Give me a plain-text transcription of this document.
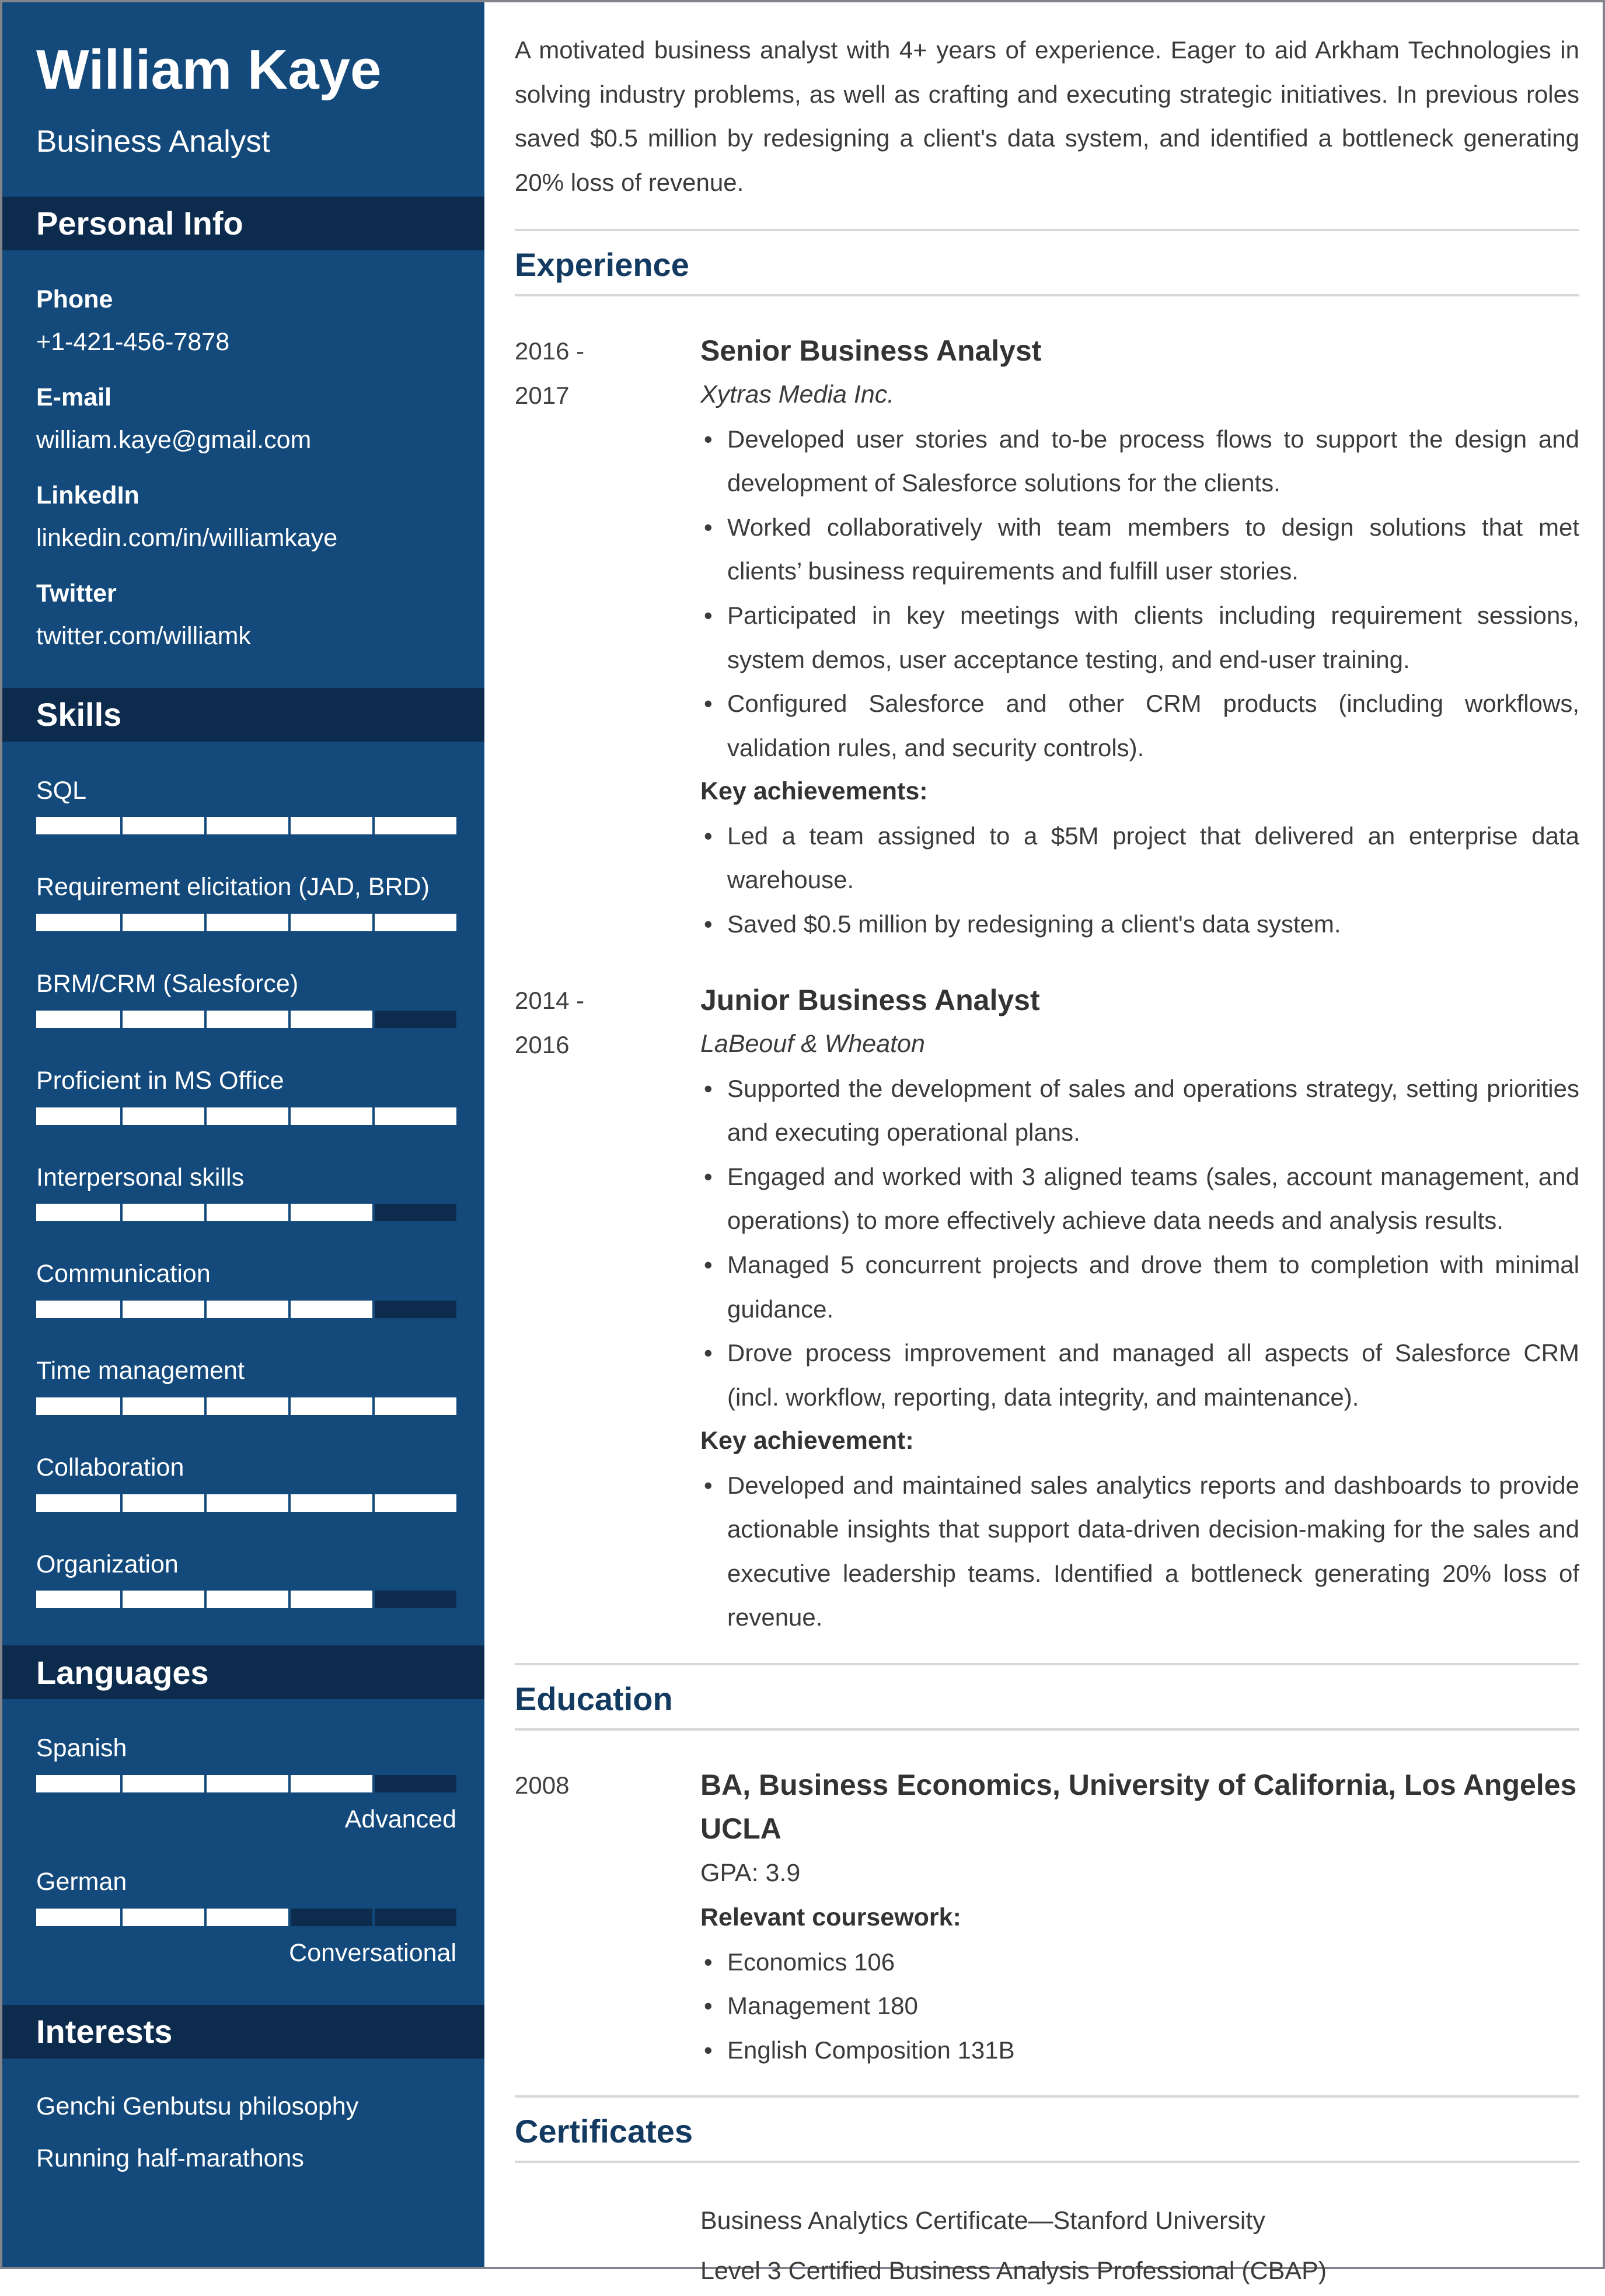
William Kaye
Business Analyst
Personal Info
Phone
+1-421-456-7878
E-mail
william.kaye@gmail.com
LinkedIn
linkedin.com/in/williamkaye
Twitter
twitter.com/williamk
Skills
SQL
Requirement elicitation (JAD, BRD)
BRM/CRM (Salesforce)
Proficient in MS Office
Interpersonal skills
Communication
Time management
Collaboration
Organization
Languages
Spanish
Advanced
German
Conversational
Interests
Genchi Genbutsu philosophy
Running half-marathons

A motivated business analyst with 4+ years of experience. Eager to aid Arkham Technologies in solving industry problems, as well as crafting and executing strategic initiatives. In previous roles saved $0.5 million by redesigning a client's data system, and identified a bottleneck generating 20% loss of revenue.

Experience
2016 -
2017
Senior Business Analyst
Xytras Media Inc.
• Developed user stories and to-be process flows to support the design and development of Salesforce solutions for the clients.
• Worked collaboratively with team members to design solutions that met clients’ business requirements and fulfill user stories.
• Participated in key meetings with clients including requirement sessions, system demos, user acceptance testing, and end-user training.
• Configured Salesforce and other CRM products (including workflows, validation rules, and security controls).
Key achievements:
• Led a team assigned to a $5M project that delivered an enterprise data warehouse.
• Saved $0.5 million by redesigning a client's data system.
2014 -
2016
Junior Business Analyst
LaBeouf & Wheaton
• Supported the development of sales and operations strategy, setting priorities and executing operational plans.
• Engaged and worked with 3 aligned teams (sales, account management, and operations) to more effectively achieve data needs and analysis results.
• Managed 5 concurrent projects and drove them to completion with minimal guidance.
• Drove process improvement and managed all aspects of Salesforce CRM (incl. workflow, reporting, data integrity, and maintenance).
Key achievement:
• Developed and maintained sales analytics reports and dashboards to provide actionable insights that support data-driven decision-making for the sales and executive leadership teams. Identified a bottleneck generating 20% loss of revenue.
Education
2008	BA, Business Economics, University of California, Los Angeles UCLA
GPA: 3.9
Relevant coursework:
• Economics 106
• Management 180
• English Composition 131B
Certificates
Business Analytics Certificate—Stanford University
Level 3 Certified Business Analysis Professional (CBAP)
